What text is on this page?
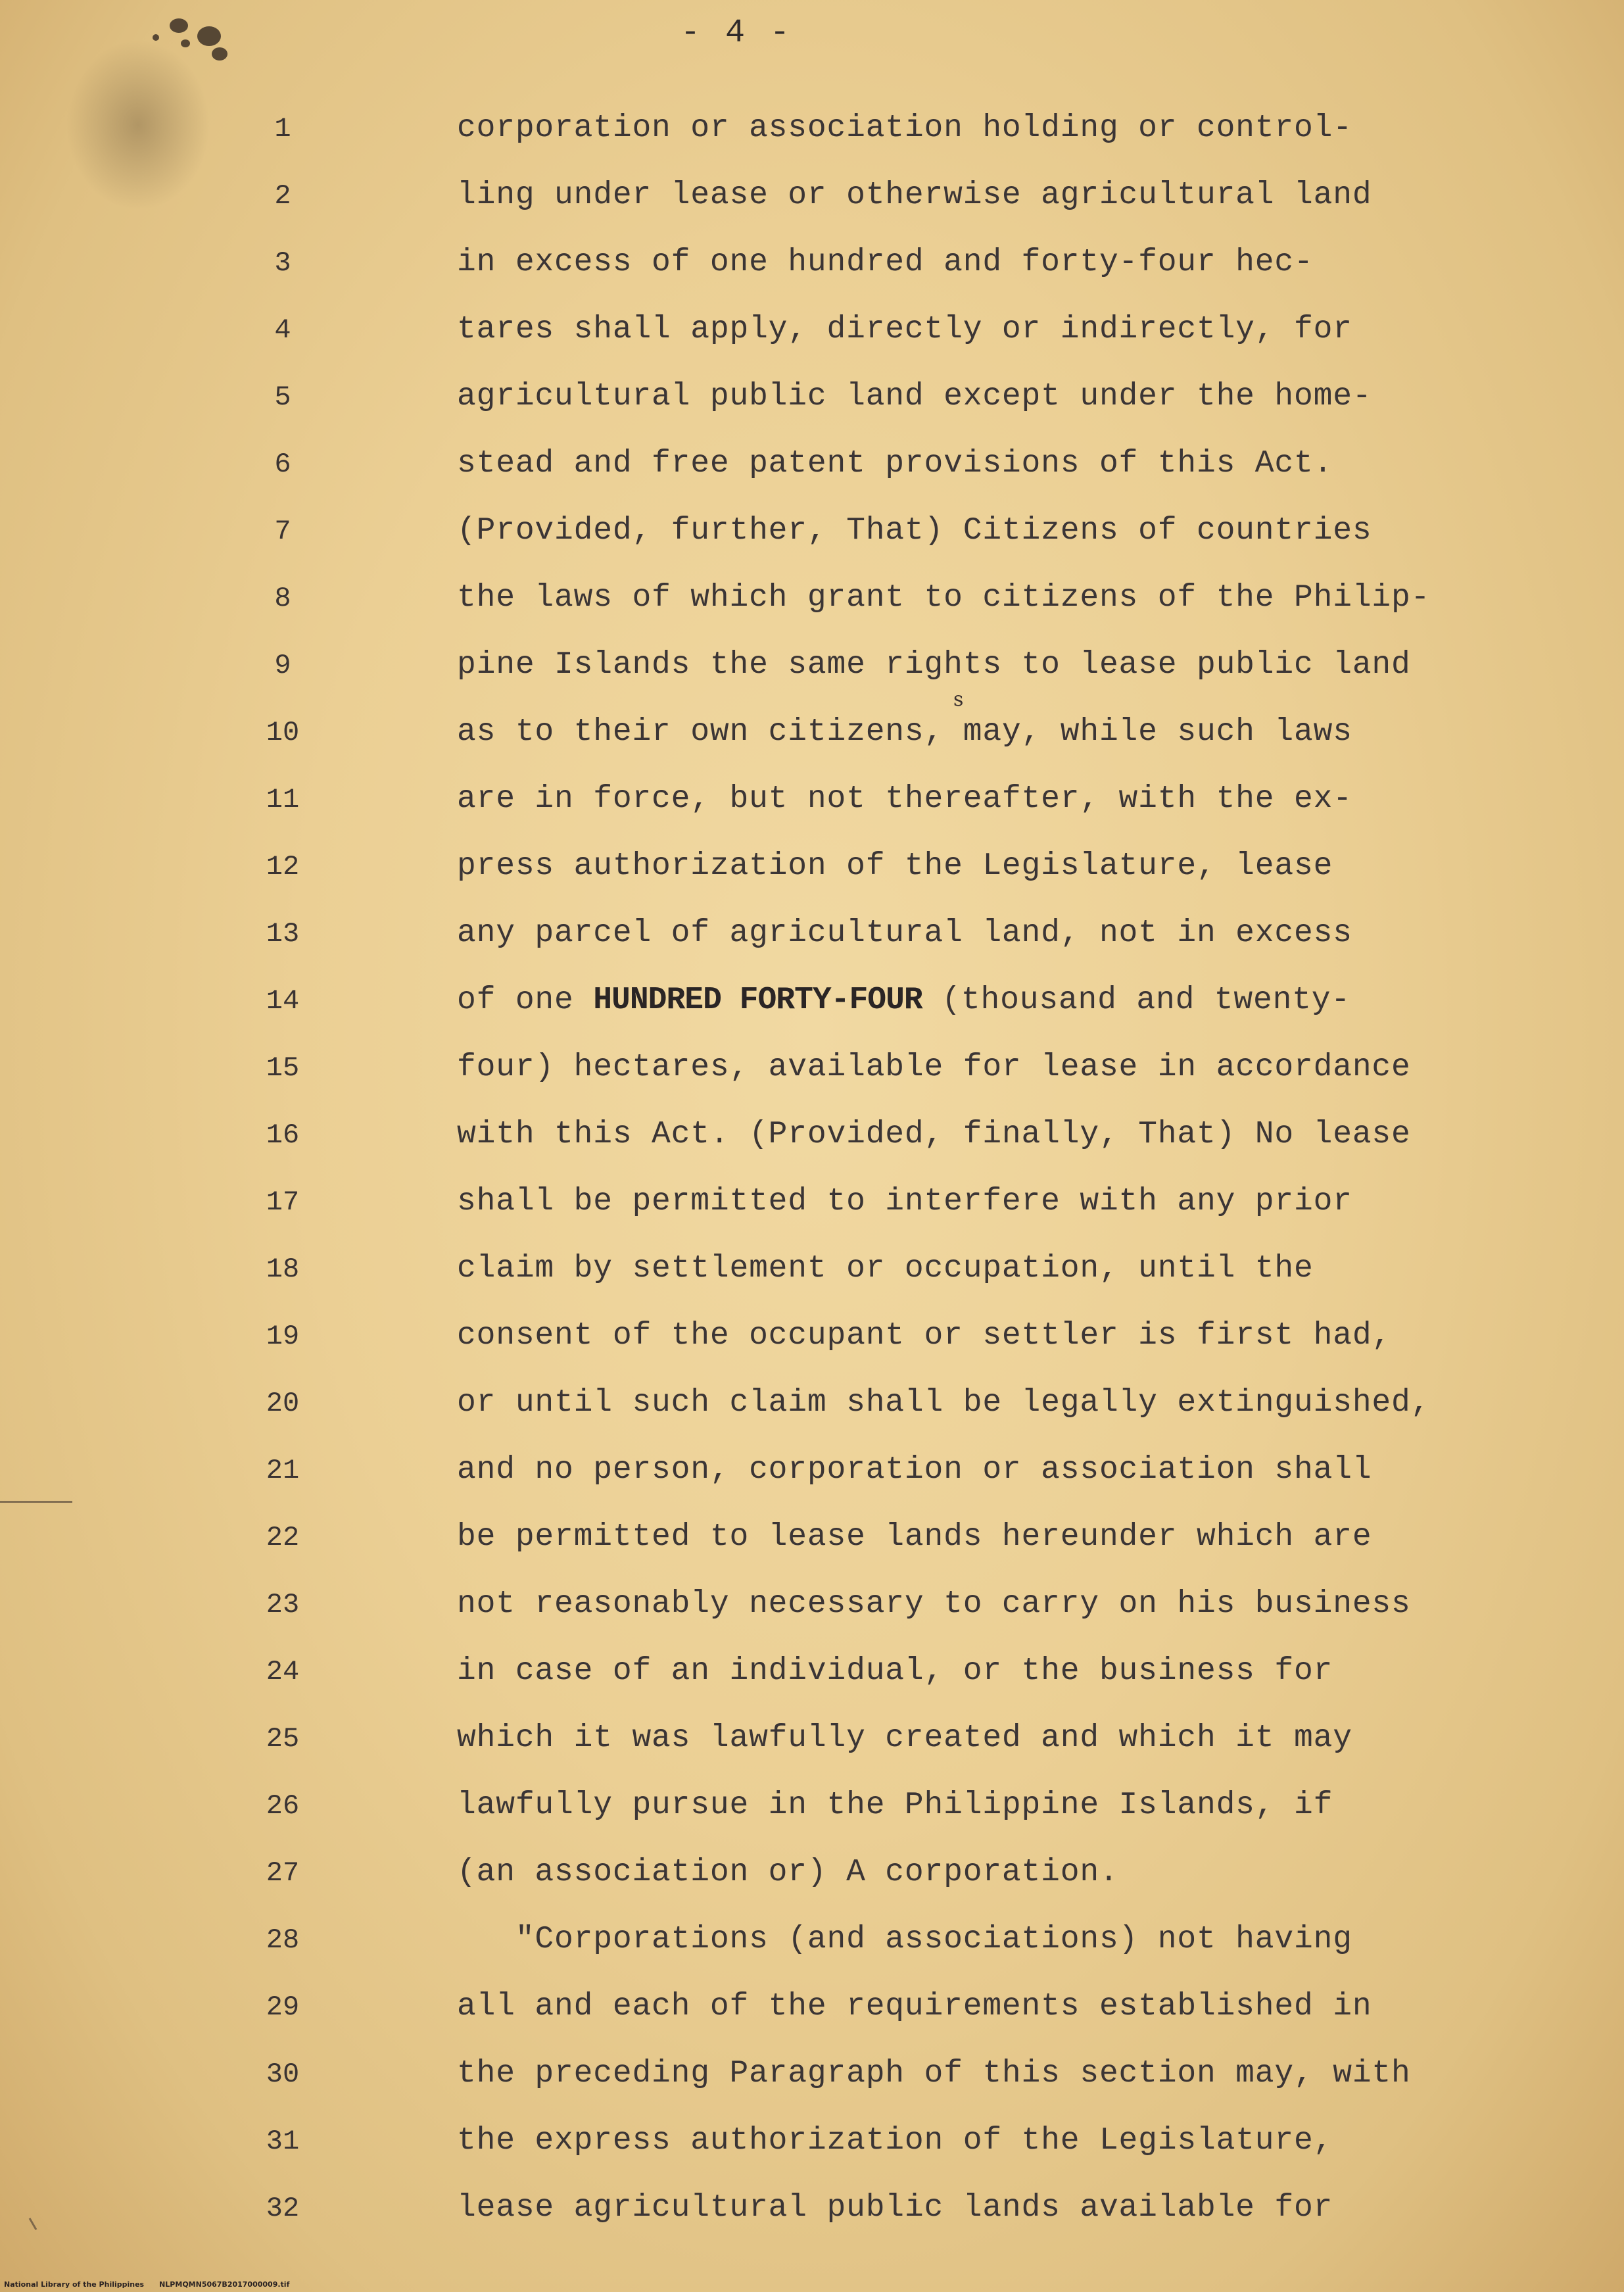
- 4 -
s
1	corporation or association holding or control-
2	ling under lease or otherwise agricultural land
3	in excess of one hundred and forty-four hec-
4	tares shall apply, directly or indirectly, for
5	agricultural public land except under the home-
6	stead and free patent provisions of this Act.
7	(Provided, further, That) Citizens of countries
8	the laws of which grant to citizens of the Philip-
9	pine Islands the same rights to lease public land
10	as to their own citizens, may, while such laws
11	are in force, but not thereafter, with the ex-
12	press authorization of the Legislature, lease
13	any parcel of agricultural land, not in excess
14	of one HUNDRED FORTY-FOUR (thousand and twenty-
15	four) hectares, available for lease in accordance
16	with this Act. (Provided, finally, That) No lease
17	shall be permitted to interfere with any prior
18	claim by settlement or occupation, until the
19	consent of the occupant or settler is first had,
20	or until such claim shall be legally extinguished,
21	and no person, corporation or association shall
22	be permitted to lease lands hereunder which are
23	not reasonably necessary to carry on his business
24	in case of an individual, or the business for
25	which it was lawfully created and which it may
26	lawfully pursue in the Philippine Islands, if
27	(an association or) A corporation.
28	"Corporations (and associations) not having
29	all and each of the requirements established in
30	the preceding Paragraph of this section may, with
31	the express authorization of the Legislature,
32	lease agricultural public lands available for
National Library of the Philippines NLPMQMN5067B2017000009.tif
